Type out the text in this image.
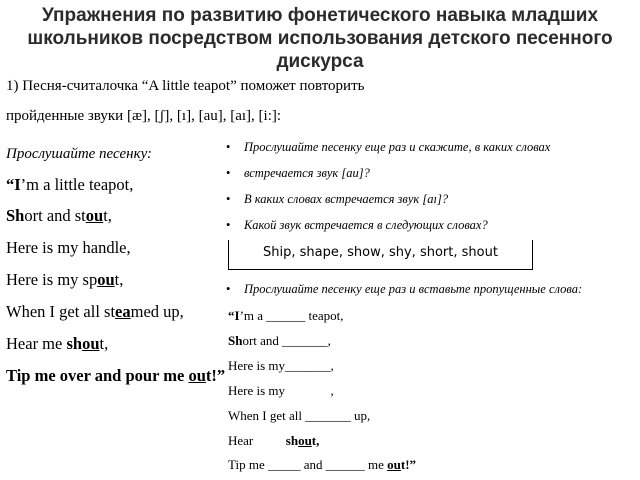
Упражнения по развитию фонетического навыка младших
школьников посредством использования детского песенного
дискурса
1) Песня-считалочка “A little teapot” поможет повторить
пройденные звуки [æ], [ʃ], [ı], [au], [aı], [i:]:
Прослушайте песенку:
“I’m a little teapot,
Short and stout,
Here is my handle,
Here is my spout,
When I get all steamed up,
Hear me shout,
Tip me over and pour me out!”
• Прослушайте песенку еще раз и скажите, в каких словах
• встречается звук [au]?
• В каких словах встречается звук [aı]?
• Какой звук встречается в следующих словах?
Ship, shape, show, shy, short, shout
• Прослушайте песенку еще раз и вставьте пропущенные слова:
“I’m a ______ teapot,
Short and _______,
Here is my_______,
Here is my              ,
When I get all _______ up,
Hear          shout,
Tip me _____ and ______ me out!”
